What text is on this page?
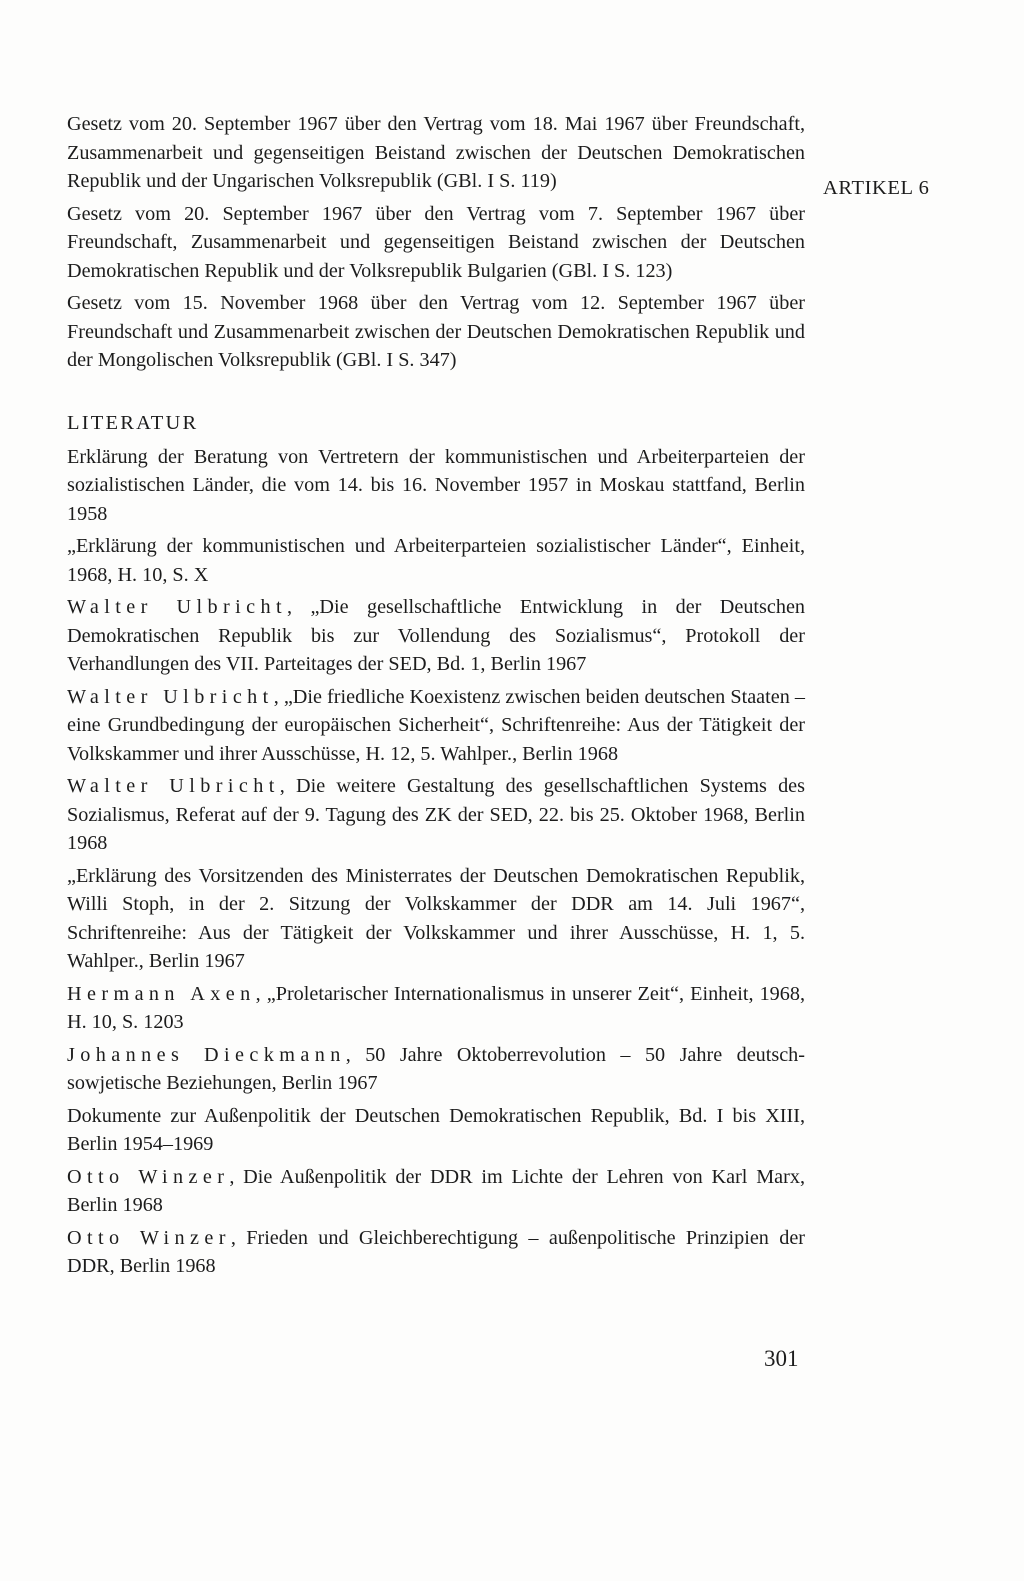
ARTIKEL 6

Gesetz vom 20. September 1967 über den Vertrag vom 18. Mai 1967 über Freundschaft, Zusammenarbeit und gegenseitigen Beistand zwischen der Deutschen Demokratischen Republik und der Ungarischen Volksrepublik (GBl. I S. 119)

Gesetz vom 20. September 1967 über den Vertrag vom 7. September 1967 über Freundschaft, Zusammenarbeit und gegenseitigen Beistand zwischen der Deutschen Demokratischen Republik und der Volksrepublik Bulgarien (GBl. I S. 123)

Gesetz vom 15. November 1968 über den Vertrag vom 12. September 1967 über Freundschaft und Zusammenarbeit zwischen der Deutschen Demokratischen Republik und der Mongolischen Volksrepublik (GBl. I S. 347)

LITERATUR

Erklärung der Beratung von Vertretern der kommunistischen und Arbeiterparteien der sozialistischen Länder, die vom 14. bis 16. November 1957 in Moskau stattfand, Berlin 1958

„Erklärung der kommunistischen und Arbeiterparteien sozialistischer Länder“, Einheit, 1968, H. 10, S. X

Walter Ulbricht, „Die gesellschaftliche Entwicklung in der Deutschen Demokratischen Republik bis zur Vollendung des Sozialismus“, Protokoll der Verhandlungen des VII. Parteitages der SED, Bd. 1, Berlin 1967

Walter Ulbricht, „Die friedliche Koexistenz zwischen beiden deutschen Staaten – eine Grundbedingung der europäischen Sicherheit“, Schriftenreihe: Aus der Tätigkeit der Volkskammer und ihrer Ausschüsse, H. 12, 5. Wahlper., Berlin 1968

Walter Ulbricht, Die weitere Gestaltung des gesellschaftlichen Systems des Sozialismus, Referat auf der 9. Tagung des ZK der SED, 22. bis 25. Oktober 1968, Berlin 1968

„Erklärung des Vorsitzenden des Ministerrates der Deutschen Demokratischen Republik, Willi Stoph, in der 2. Sitzung der Volkskammer der DDR am 14. Juli 1967“, Schriftenreihe: Aus der Tätigkeit der Volkskammer und ihrer Ausschüsse, H. 1, 5. Wahlper., Berlin 1967

Hermann Axen, „Proletarischer Internationalismus in unserer Zeit“, Einheit, 1968, H. 10, S. 1203

Johannes Dieckmann, 50 Jahre Oktoberrevolution – 50 Jahre deutsch-sowjetische Beziehungen, Berlin 1967

Dokumente zur Außenpolitik der Deutschen Demokratischen Republik, Bd. I bis XIII, Berlin 1954–1969

Otto Winzer, Die Außenpolitik der DDR im Lichte der Lehren von Karl Marx, Berlin 1968

Otto Winzer, Frieden und Gleichberechtigung – außenpolitische Prinzipien der DDR, Berlin 1968

301
